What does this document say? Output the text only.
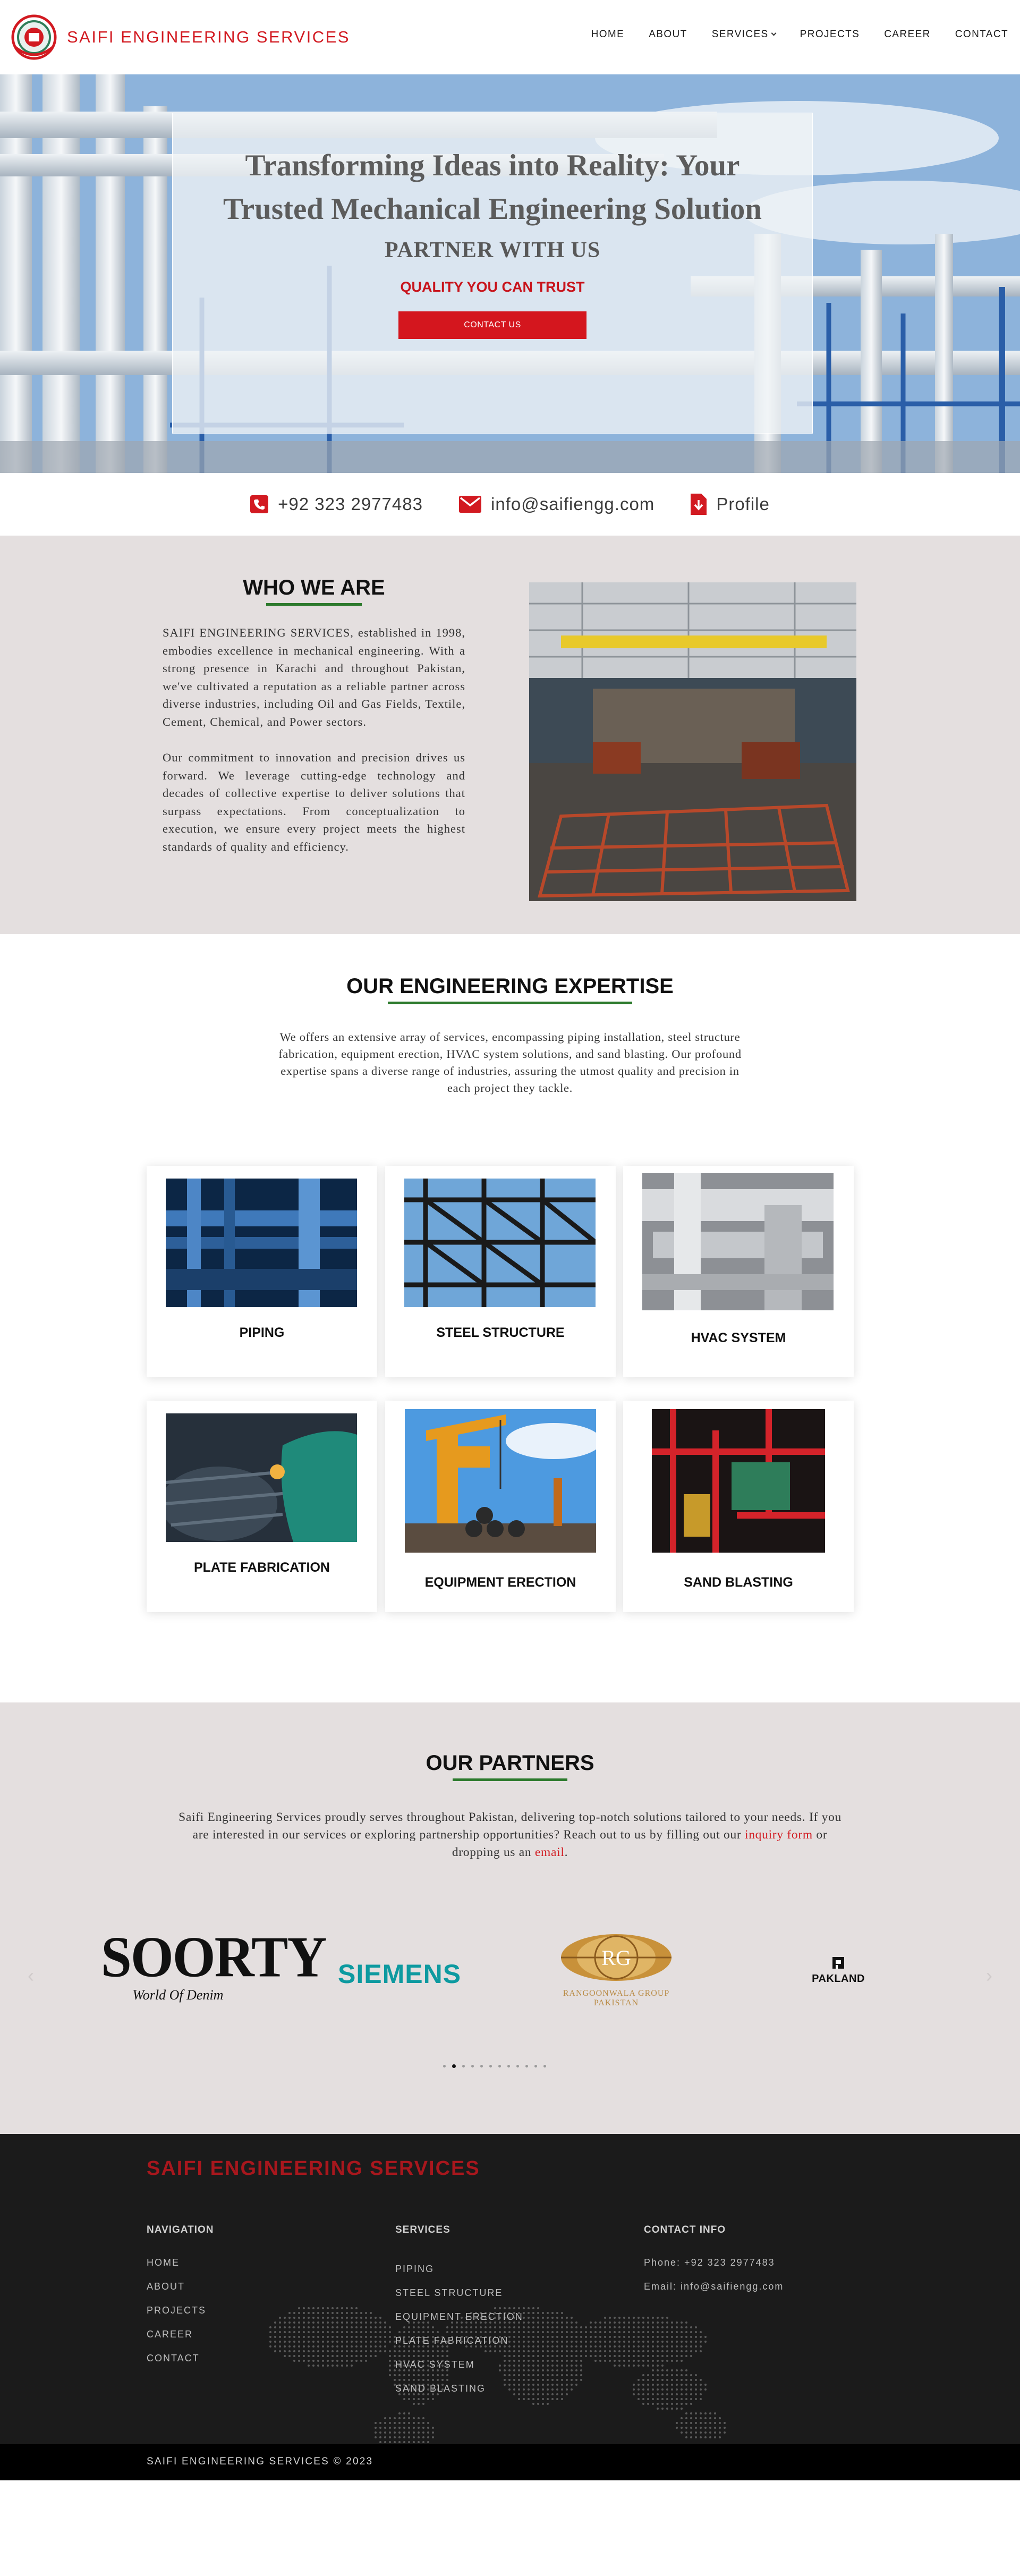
SAIFI ENGINEERING SERVICES	HOME ABOUT SERVICES	PROJECTS CAREER CONTACT
Transforming Ideas into Reality: Your Trusted Mechanical Engineering Solution
PARTNER WITH US
QUALITY YOU CAN TRUST
CONTACT US
+92 323 2977483	info@saifiengg.com	Profile
WHO WE ARE

SAIFI ENGINEERING SERVICES, established in 1998, embodies excellence in mechanical engineering. With a strong presence in Karachi and throughout Pakistan, we've cultivated a reputation as a reliable partner across diverse industries, including Oil and Gas Fields, Textile, Cement, Chemical, and Power sectors.

Our commitment to innovation and precision drives us forward. We leverage cutting-edge technology and decades of collective expertise to deliver solutions that surpass expectations. From conceptualization to execution, we ensure every project meets the highest standards of quality and efficiency.

OUR ENGINEERING EXPERTISE

We offers an extensive array of services, encompassing piping installation, steel structure fabrication, equipment erection, HVAC system solutions, and sand blasting. Our profound expertise spans a diverse range of industries, assuring the utmost quality and precision in each project they tackle.

PIPING	STEEL STRUCTURE	HVAC SYSTEM
PLATE FABRICATION
EQUIPMENT ERECTION	SAND BLASTING
OUR PARTNERS

Saifi Engineering Services proudly serves throughout Pakistan, delivering top-notch solutions tailored to your needs. If you are interested in our services or exploring partnership opportunities? Reach out to us by filling out our inquiry form or dropping us an email.

‹	›
SOORTY
World Of Denim
SIEMENS
RG
RANGOONWALA GROUP
PAKISTAN
PAKLAND
SAIFI ENGINEERING SERVICES
NAVIGATION
HOME
ABOUT
PROJECTS
CAREER
CONTACT
SERVICES
PIPING
STEEL STRUCTURE
EQUIPMENT ERECTION
PLATE FABRICATION
HVAC SYSTEM
SAND BLASTING
CONTACT INFO
Phone: +92 323 2977483
Email: info@saifiengg.com
SAIFI ENGINEERING SERVICES © 2023
